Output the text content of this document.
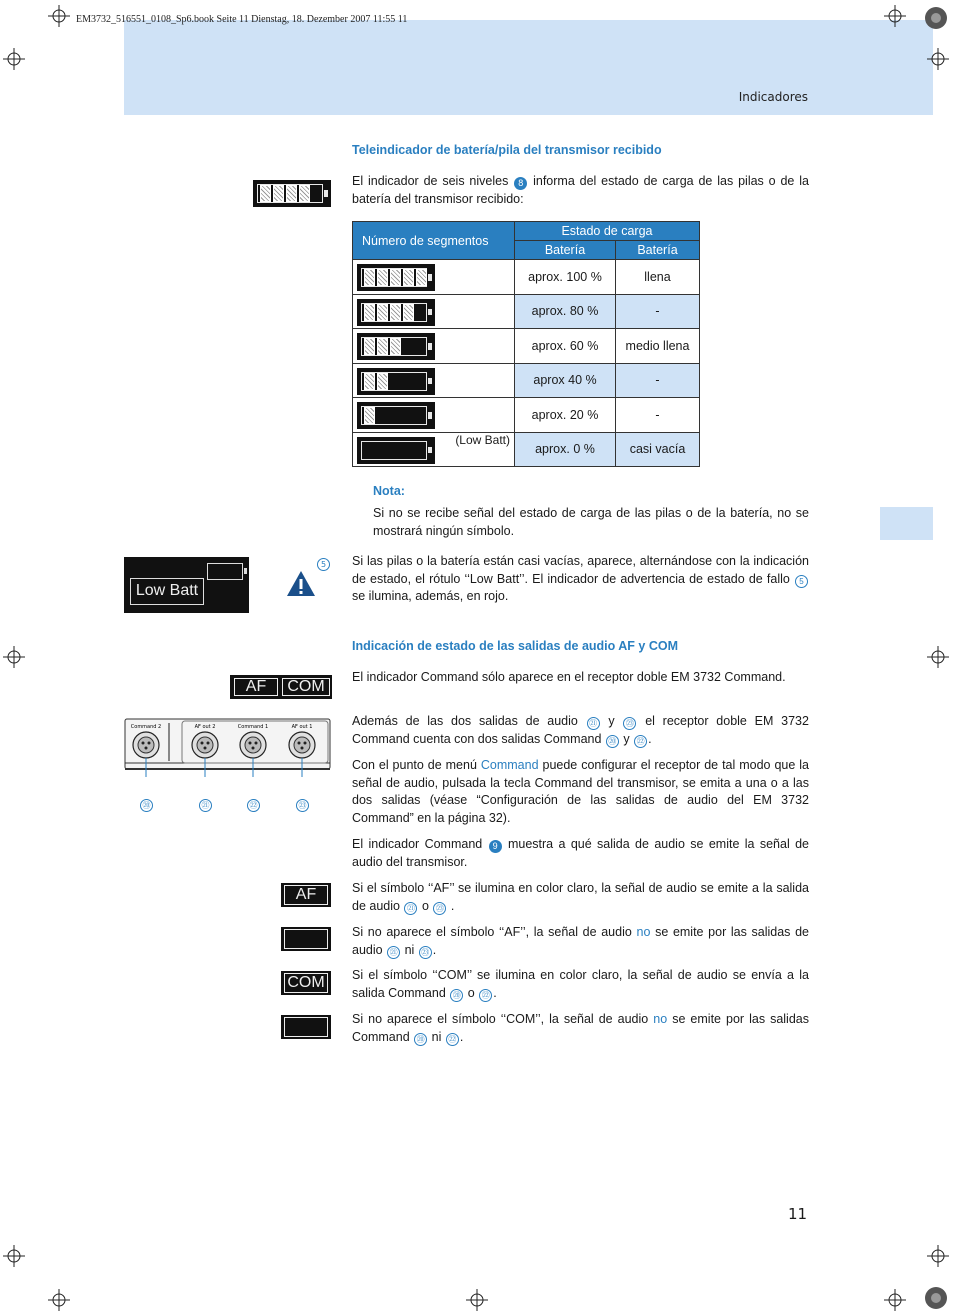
EM3732_516551_0108_Sp6.book Seite 11 Dienstag, 18. Dezember 2007 11:55 11
Indicadores
Teleindicador de batería/pila del transmisor recibido
El indicador de seis niveles 8 informa del estado de carga de las pilas o de la batería del transmisor recibido:
Número de segmentos	Estado de carga	
	Batería	Batería

	aprox. 100 %	llena

	aprox. 80 %	-

	aprox. 60 %	medio llena

	aprox 40 %	-

	aprox. 20 %	-

(Low Batt)	aprox. 0 %	casi vacía
Nota:
Si no se recibe señal del estado de carga de las pilas o de la batería, no se mostrará ningún símbolo.
Low Batt
5	Si las pilas o la batería están casi vacías, aparece, alternándose con la indicación de estado, el rótulo ‘‘Low Batt’’. El indicador de advertencia de estado de fallo 5 se ilumina, además, en rojo.
Indicación de estado de las salidas de audio AF y COM
AF	COM
El indicador Command sólo aparece en el receptor doble EM 3732 Command.
Command 2	AF out 2	Command 1	AF out 1	Además de las dos salidas de audio ㉑ y ㉓ el receptor doble EM 3732 Command cuenta con dos salidas Command ⑳ y ㉒ .
Con el punto de menú Command puede configurar el receptor de tal modo que la señal de audio, pulsada la tecla Command del transmisor, se emita a una o a las dos salidas (véase “Configuración de las salidas de audio del EM 3732 Command” en la página 32).
El indicador Command 9 muestra a qué salida de audio se emite la señal de audio del transmisor.
AF	Si el símbolo ‘‘AF’’ se ilumina en color claro, la señal de audio se emite a la salida de audio ㉑ o ㉓ .
Si no aparece el símbolo ‘‘AF’’, la señal de audio no se emite por las salidas de audio ㉑ ni ㉓ .
COM Si el símbolo ‘‘COM’’ se ilumina en color claro, la señal de audio se envía a la salida Command ⑳ o ㉒ .
Si no aparece el símbolo ‘‘COM’’, la señal de audio no se emite por las salidas Command ⑳ ni ㉒ .
11
⑳	㉑	㉒	㉓
